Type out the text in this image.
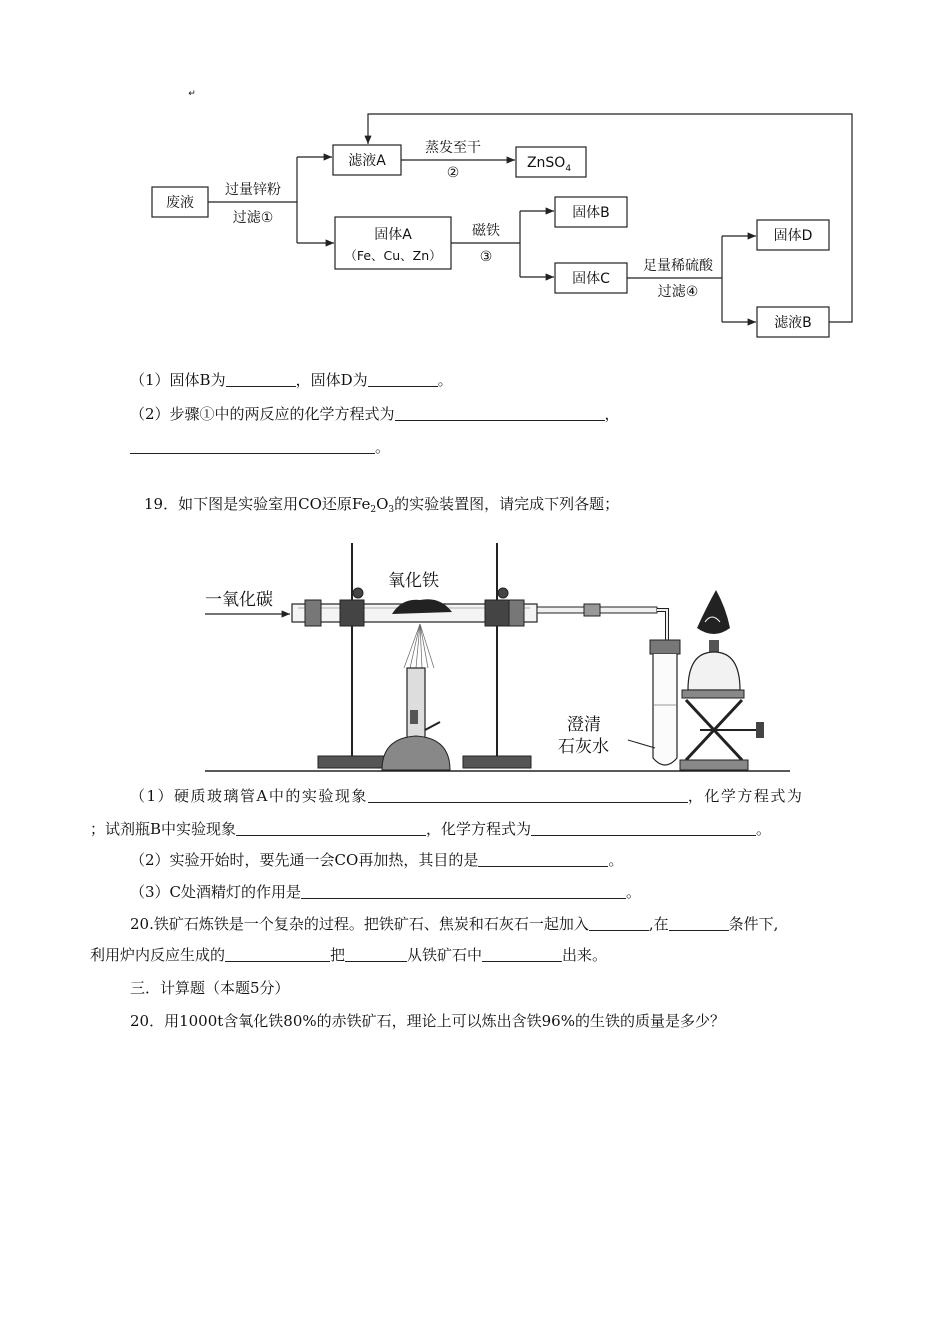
↵
废液
过量锌粉
过滤①
滤液A
蒸发至干
②
ZnSO$_4$
固体A
（Fe、Cu、Zn）
磁铁
③
固体B
固体C
足量稀硫酸
过滤④
固体D
滤液B
（1）固体B为	，固体D为	。
（2）步骤①中的两反应的化学方程式为	，
。
19．如下图是实验室用CO还原$Fe_2O_3$的实验装置图，请完成下列各题；
一氧化碳
氧化铁
澄清
石灰水
（1）硬质玻璃管A中的实验现象	，化学方程式为
；试剂瓶B中实验现象	，化学方程式为	。
（2）实验开始时，要先通一会CO再加热，其目的是	。
（3）C处酒精灯的作用是	。
20.铁矿石炼铁是一个复杂的过程。把铁矿石、焦炭和石灰石一起加入	,在	条件下,
利用炉内反应生成的	把	从铁矿石中	出来。
三．计算题（本题5分）
20．用1000t含氧化铁80%的赤铁矿石，理论上可以炼出含铁96%的生铁的质量是多少？
